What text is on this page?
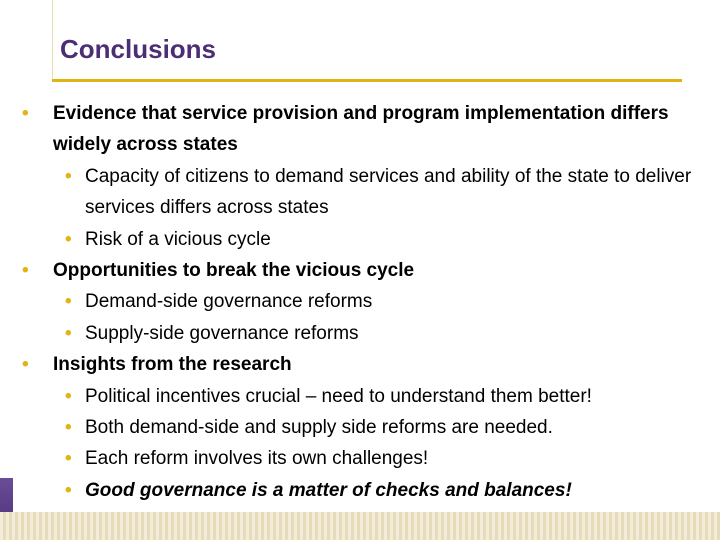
Conclusions
• Evidence that service provision and program implementation differs widely across states
• Capacity of citizens to demand services and ability of the state to deliver services differs across states
• Risk of a vicious cycle
• Opportunities to break the vicious cycle
• Demand-side governance reforms
• Supply-side governance reforms
• Insights from the research
• Political incentives crucial – need to understand them better!
• Both demand-side and supply side reforms are needed.
• Each reform involves its own challenges!
• Good governance is a matter of checks and balances!
